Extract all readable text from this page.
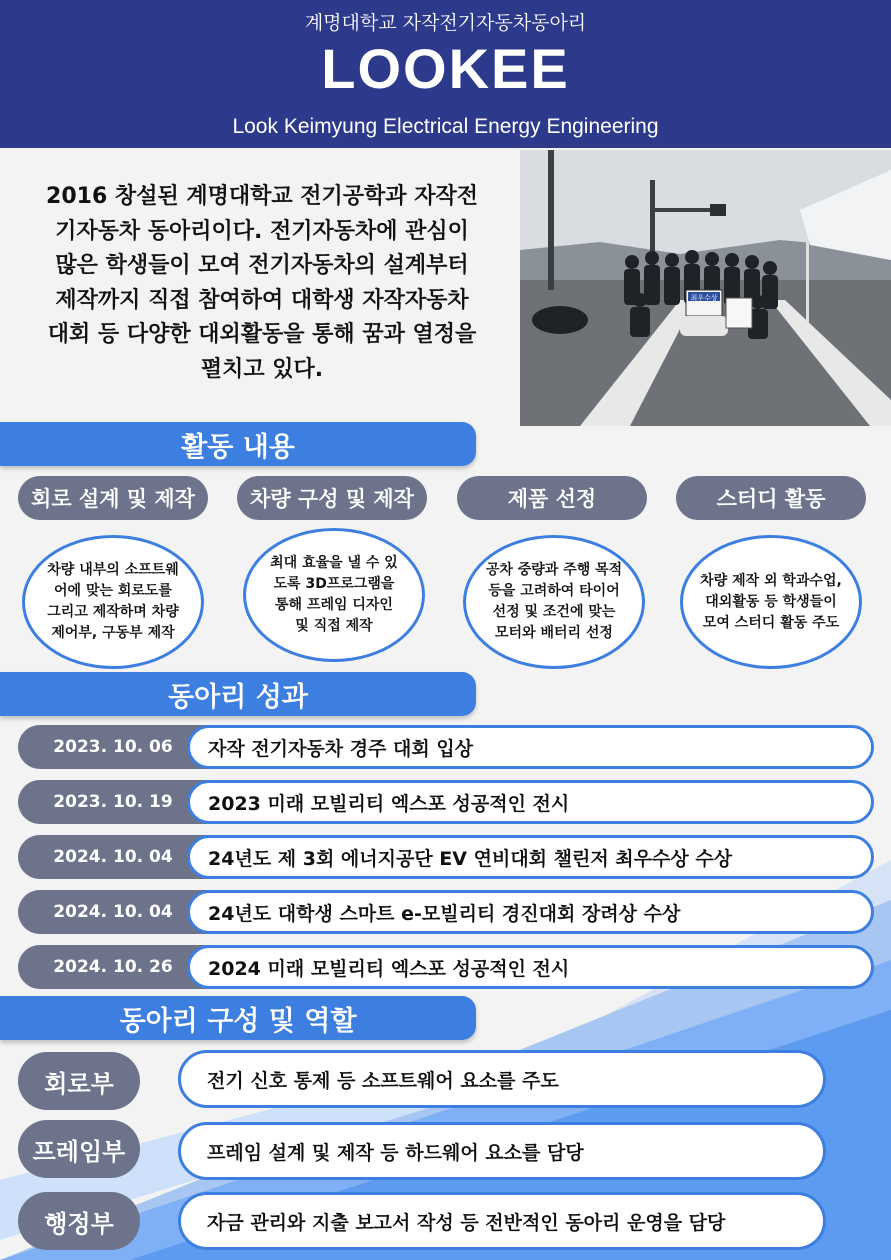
계명대학교 자작전기자동차동아리
LOOKEE
Look Keimyung Electrical Energy Engineering
2016 창설된 계명대학교 전기공학과 자작전
기자동차 동아리이다. 전기자동차에 관심이
많은 학생들이 모여 전기자동차의 설계부터
제작까지 직접 참여하여 대학생 자작자동차
대회 등 다양한 대외활동을 통해 꿈과 열정을
펼치고 있다.
최우수상
활동 내용
회로 설계 및 제작	차량 구성 및 제작	제품 선정	스터디 활동
차량 내부의 소프트웨
어에 맞는 회로도를
그리고 제작하며 차량
제어부, 구동부 제작
최대 효율을 낼 수 있
도록 3D프로그램을
통해 프레임 디자인
및 직접 제작
공차 중량과 주행 목적
등을 고려하여 타이어
선정 및 조건에 맞는
모터와 배터리 선정
차량 제작 외 학과수업,
대외활동 등 학생들이
모여 스터디 활동 주도
동아리 성과
2023. 10. 06	자작 전기자동차 경주 대회 입상
2023. 10. 19	2023 미래 모빌리티 엑스포 성공적인 전시
2024. 10. 04	24년도 제 3회 에너지공단 EV 연비대회 챌린저 최우수상 수상
2024. 10. 04	24년도 대학생 스마트 e-모빌리티 경진대회 장려상 수상
2024. 10. 26	2024 미래 모빌리티 엑스포 성공적인 전시
동아리 구성 및 역할
회로부	전기 신호 통제 등 소프트웨어 요소를 주도
프레임부	프레임 설계 및 제작 등 하드웨어 요소를 담당
행정부	자금 관리와 지출 보고서 작성 등 전반적인 동아리 운영을 담당
